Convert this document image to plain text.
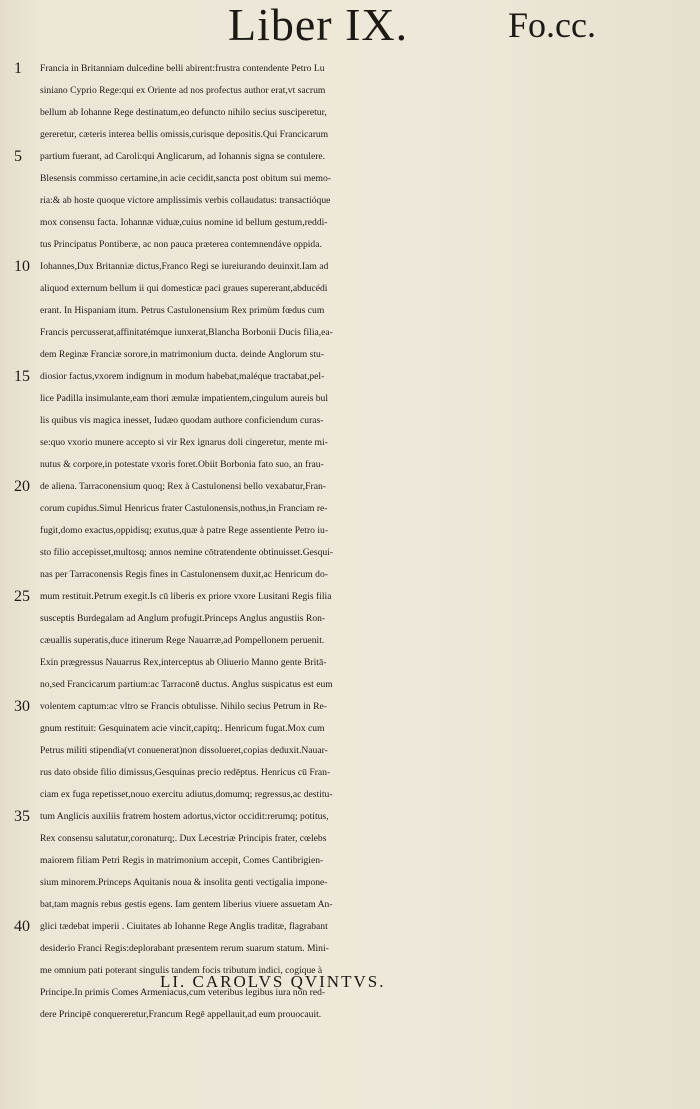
Liber IX.	Fo.cc.
1
5
10
15
20
25
30
35
40
Francia in Britanniam dulcedine belli abirent:frustra contendente Petro Lu
siniano Cyprio Rege:qui ex Oriente ad nos profectus author erat,vt sacrum
bellum ab Iohanne Rege destinatum,eo defuncto nihilo secius susciperetur,
gereretur, cæteris interea bellis omissis,curisque depositis.Qui Francicarum
partium fuerant, ad Caroli:qui Anglicarum, ad Iohannis signa se contulere.
Blesensis commisso certamine,in acie cecidit,sancta post obitum sui memo-
ria:& ab hoste quoque victore amplissimis verbis collaudatus: transactióque
mox consensu facta. Iohannæ viduæ,cuius nomine id bellum gestum,reddi-
tus Principatus Pontiberæ, ac non pauca præterea contemnendáve oppida.
Iohannes,Dux Britanniæ dictus,Franco Regi se iureiurando deuinxit.Iam ad
aliquod externum bellum ii qui domesticæ paci graues supererant,abducédi
erant. In Hispaniam itum. Petrus Castulonensium Rex primùm fœdus cum
Francis percusserat,affinitatémque iunxerat,Blancha Borbonii Ducis filia,ea-
dem Reginæ Franciæ sorore,in matrimonium ducta. deinde Anglorum stu-
diosior factus,vxorem indignum in modum habebat,maléque tractabat,pel-
lice Padilla insimulante,eam thori æmulæ impatientem,cingulum aureis bul
lis quibus vis magica inesset, Iudæo quodam authore conficiendum curas-
se:quo vxorio munere accepto si vir Rex ignarus doli cingeretur, mente mi-
nutus & corpore,in potestate vxoris foret.Obiit Borbonia fato suo, an frau-
de aliena. Tarraconensium quoq; Rex à Castulonensi bello vexabatur,Fran-
corum cupidus.Simul Henricus frater Castulonensis,nothus,in Franciam re-
fugit,domo exactus,oppidisq; exutus,quæ à patre Rege assentiente Petro iu-
sto filio accepisset,multosq; annos nemine cōtratendente obtinuisset.Gesqui-
nas per Tarraconensis Regis fines in Castulonensem duxit,ac Henricum do-
mum restituit.Petrum exegit.Is cū liberis ex priore vxore Lusitani Regis filia
susceptis Burdegalam ad Anglum profugit.Princeps Anglus angustiis Ron-
cæuallis superatis,duce itinerum Rege Nauarræ,ad Pompellonem peruenit.
Exin prægressus Nauarrus Rex,interceptus ab Oliuerio Manno gente Britā-
no,sed Francicarum partium:ac Tarraconē ductus. Anglus suspicatus est eum
volentem captum:ac vltro se Francis obtulisse. Nihilo secius Petrum in Re-
gnum restituit: Gesquinatem acie vincit,capitq;. Henricum fugat.Mox cum
Petrus militi stipendia(vt conuenerat)non dissolueret,copias deduxit.Nauar-
rus dato obside filio dimissus,Gesquinas precio redēptus. Henricus cū Fran-
ciam ex fuga repetisset,nouo exercitu adiutus,domumq; regressus,ac destitu-
tum Anglicis auxiliis fratrem hostem adortus,victor occidit:rerumq; potitus,
Rex consensu salutatur,coronaturq;. Dux Lecestriæ Principis frater, cœlebs
maiorem filiam Petri Regis in matrimonium accepit, Comes Cantibrigien-
sium minorem.Princeps Aquitanis noua & insolita genti vectigalia impone-
bat,tam magnis rebus gestis egens. Iam gentem liberius viuere assuetam An-
glici tædebat imperii . Ciuitates ab Iohanne Rege Anglis traditæ, flagrabant
desiderio Franci Regis:deplorabant præsentem rerum suarum statum. Mini-
me omnium pati poterant singulis tandem focis tributum indici, cogíque à
Principe.In primis Comes Armeniacus,cum veteribus legibus iura non red-
dere Principē conquereretur,Francum Regē appellauit,ad eum prouocauit.
LI. CAROLVS QVINTVS.
